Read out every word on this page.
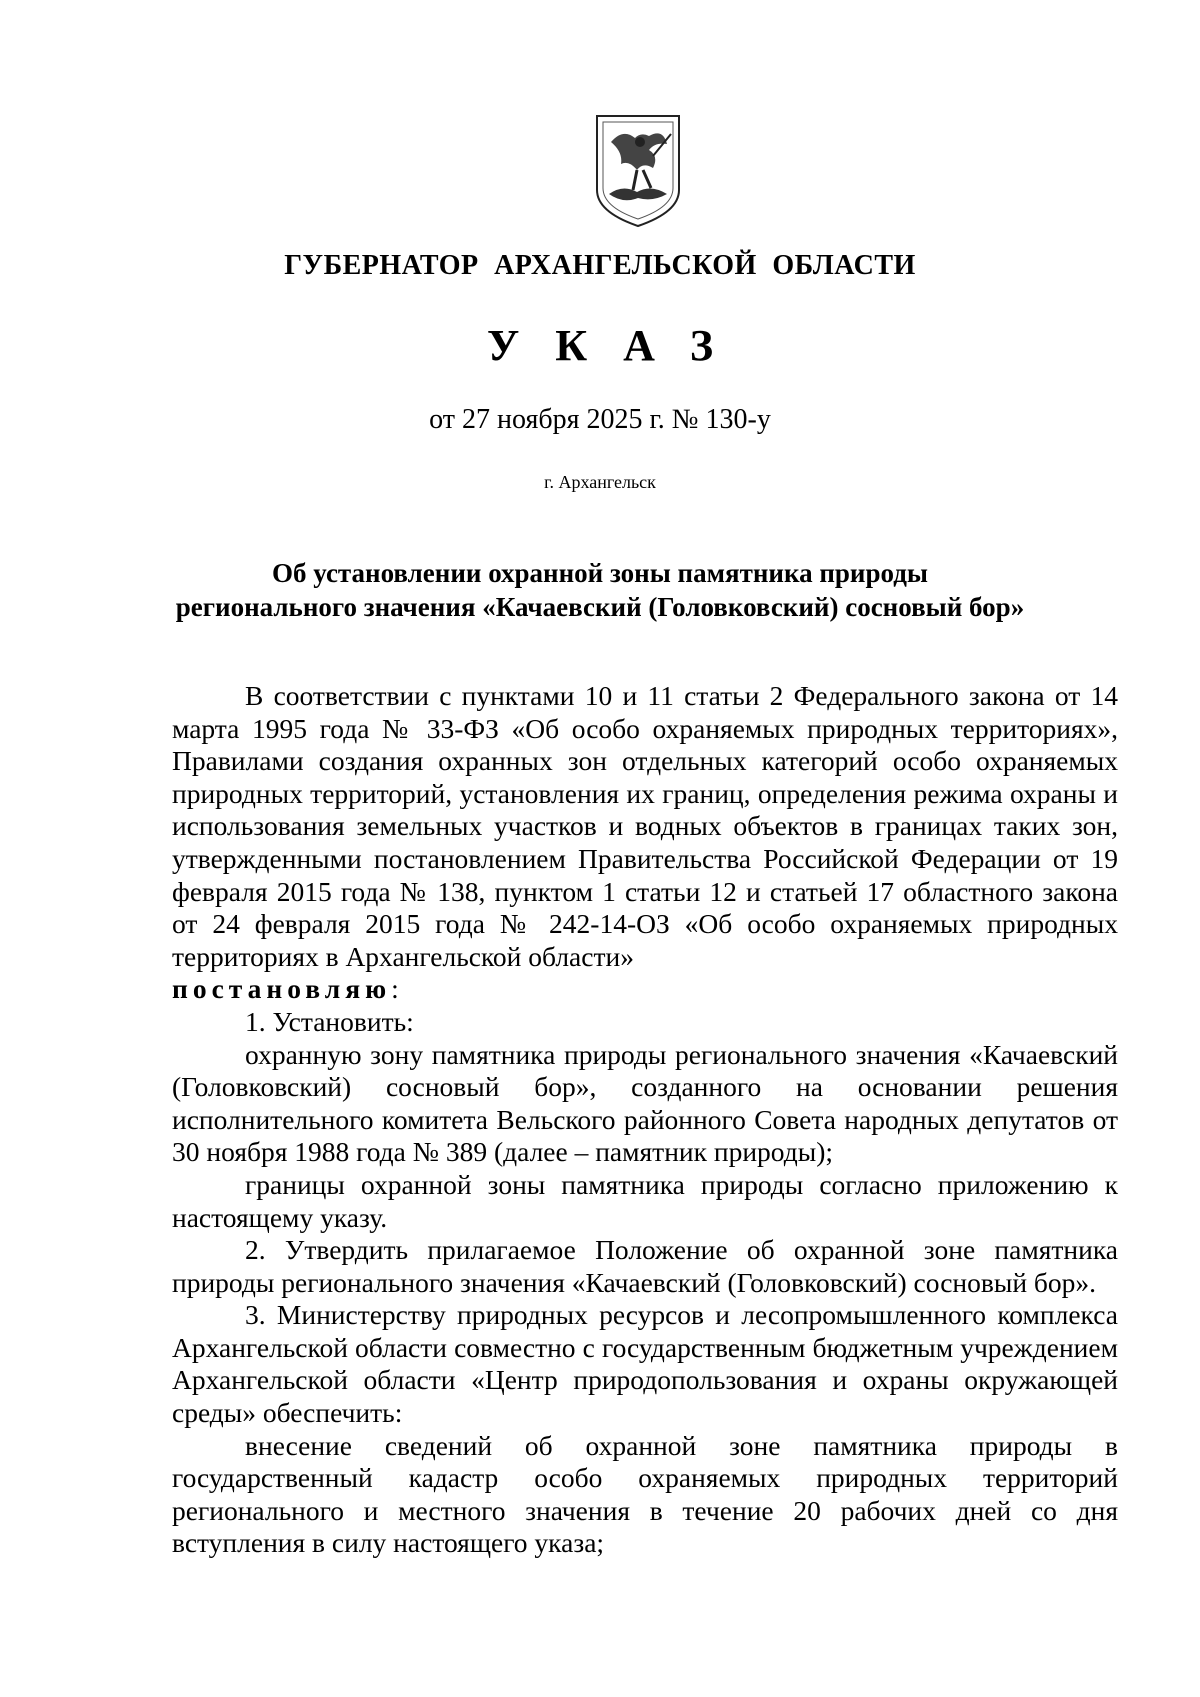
ГУБЕРНАТОР АРХАНГЕЛЬСКОЙ ОБЛАСТИ

УКАЗ

от 27 ноября 2025 г. № 130-у

г. Архангельск

Об установлении охранной зоны памятника природы
регионального значения «Качаевский (Головковский) сосновый бор»

В соответствии с пунктами 10 и 11 статьи 2 Федерального закона от 14 марта 1995 года № 33-ФЗ «Об особо охраняемых природных территориях», Правилами создания охранных зон отдельных категорий особо охраняемых природных территорий, установления их границ, определения режима охраны и использования земельных участков и водных объектов в границах таких зон, утвержденными постановлением Правительства Российской Федерации от 19 февраля 2015 года № 138, пунктом 1 статьи 12 и статьей 17 областного закона от 24 февраля 2015 года № 242-14-ОЗ «Об особо охраняемых природных территориях в Архангельской области»

постановляю:

1. Установить:

охранную зону памятника природы регионального значения «Качаевский (Головковский) сосновый бор», созданного на основании решения исполнительного комитета Вельского районного Совета народных депутатов от 30 ноября 1988 года № 389 (далее – памятник природы);

границы охранной зоны памятника природы согласно приложению к настоящему указу.

2. Утвердить прилагаемое Положение об охранной зоне памятника природы регионального значения «Качаевский (Головковский) сосновый бор».

3. Министерству природных ресурсов и лесопромышленного комплекса Архангельской области совместно с государственным бюджетным учреждением Архангельской области «Центр природопользования и охраны окружающей среды» обеспечить:

внесение сведений об охранной зоне памятника природы в государственный кадастр особо охраняемых природных территорий регионального и местного значения в течение 20 рабочих дней со дня вступления в силу настоящего указа;
